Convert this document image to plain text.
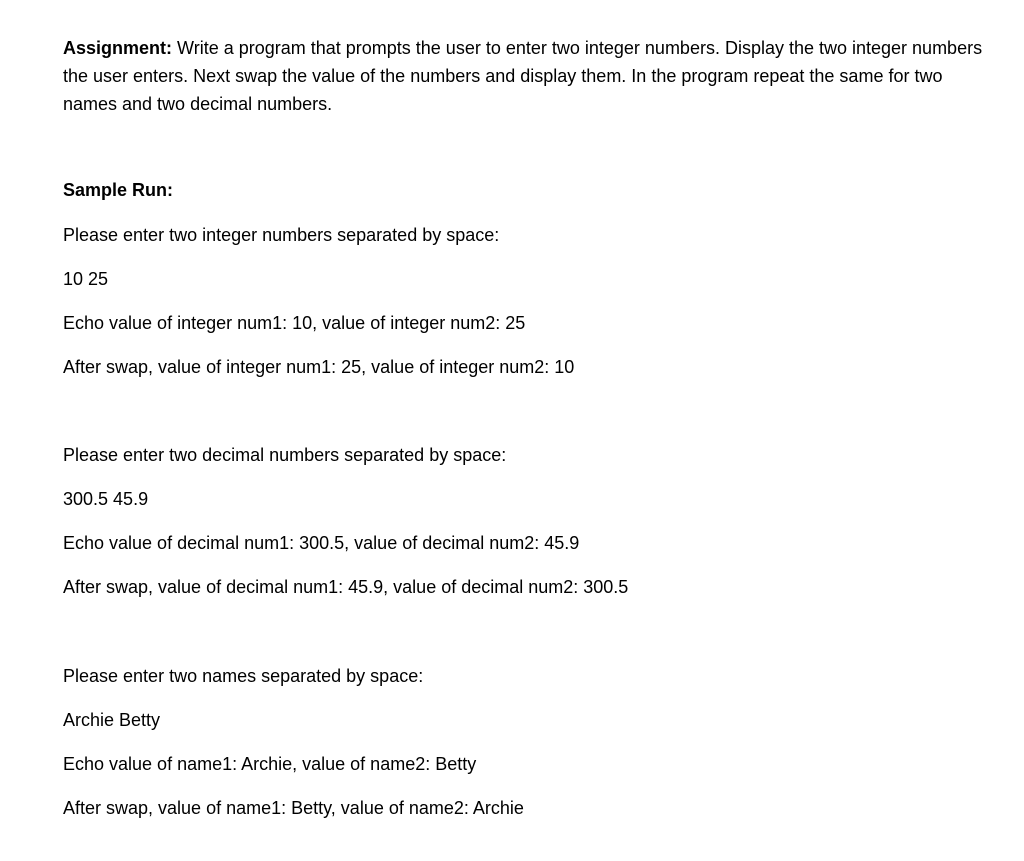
Assignment: Write a program that prompts the user to enter two integer numbers. Display the two integer numbers the user enters. Next swap the value of the numbers and display them. In the program repeat the same for two names and two decimal numbers.

Sample Run:

Please enter two integer numbers separated by space:

10 25

Echo value of integer num1: 10, value of integer num2: 25

After swap, value of integer num1: 25, value of integer num2: 10

Please enter two decimal numbers separated by space:

300.5 45.9

Echo value of decimal num1: 300.5, value of decimal num2: 45.9

After swap, value of decimal num1: 45.9, value of decimal num2: 300.5

Please enter two names separated by space:

Archie Betty

Echo value of name1: Archie, value of name2: Betty

After swap, value of name1: Betty, value of name2: Archie
